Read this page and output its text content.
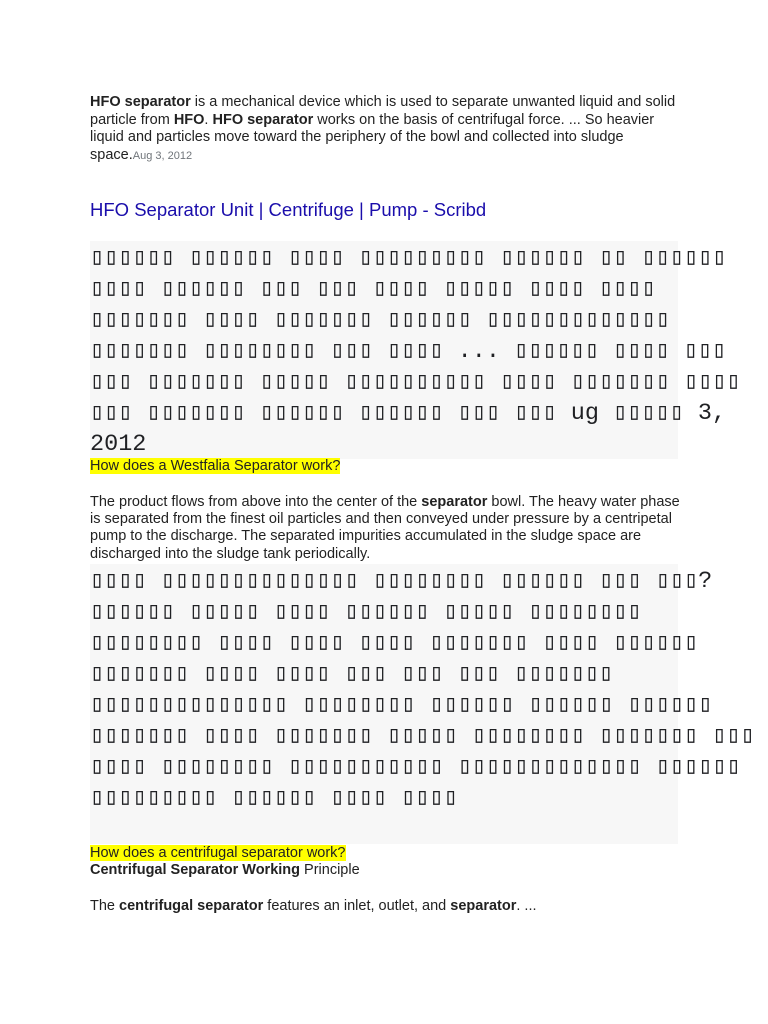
HFO separator is a mechanical device which is used to separate unwanted liquid and solid particle from HFO. HFO separator works on the basis of centrifugal force. ... So heavier liquid and particles move toward the periphery of the bowl and collected into sludge space.Aug 3, 2012
HFO Separator Unit | Centrifuge | Pump - Scribd
▯▯▯▯▯▯ ▯▯▯▯▯▯ ▯▯▯▯ ▯▯▯▯▯▯▯▯▯ ▯▯▯▯▯▯ ▯▯ ▯▯▯▯▯▯
▯▯▯▯ ▯▯▯▯▯▯ ▯▯▯ ▯▯▯ ▯▯▯▯ ▯▯▯▯▯ ▯▯▯▯ ▯▯▯▯
▯▯▯▯▯▯▯ ▯▯▯▯ ▯▯▯▯▯▯▯ ▯▯▯▯▯▯ ▯▯▯▯▯▯▯▯▯▯▯▯▯
▯▯▯▯▯▯▯ ▯▯▯▯▯▯▯▯ ▯▯▯ ▯▯▯▯ ... ▯▯▯▯▯▯ ▯▯▯▯ ▯▯▯
▯▯▯ ▯▯▯▯▯▯▯ ▯▯▯▯▯ ▯▯▯▯▯▯▯▯▯▯ ▯▯▯▯ ▯▯▯▯▯▯▯ ▯▯▯▯
▯▯▯ ▯▯▯▯▯▯▯ ▯▯▯▯▯▯ ▯▯▯▯▯▯ ▯▯▯ ▯▯▯ ug ▯▯▯▯▯ 3,
2012
How does a Westfalia Separator work?
The product flows from above into the center of the separator bowl. The heavy water phase is separated from the finest oil particles and then conveyed under pressure by a centripetal pump to the discharge. The separated impurities accumulated in the sludge space are discharged into the sludge tank periodically.
▯▯▯▯ ▯▯▯▯▯▯▯▯▯▯▯▯▯▯ ▯▯▯▯▯▯▯▯ ▯▯▯▯▯▯ ▯▯▯ ▯▯▯?
▯▯▯▯▯▯ ▯▯▯▯▯ ▯▯▯▯ ▯▯▯▯▯▯ ▯▯▯▯▯ ▯▯▯▯▯▯▯▯
▯▯▯▯▯▯▯▯ ▯▯▯▯ ▯▯▯▯ ▯▯▯▯ ▯▯▯▯▯▯▯ ▯▯▯▯ ▯▯▯▯▯▯
▯▯▯▯▯▯▯ ▯▯▯▯ ▯▯▯▯ ▯▯▯ ▯▯▯ ▯▯▯ ▯▯▯▯▯▯▯
▯▯▯▯▯▯▯▯▯▯▯▯▯▯ ▯▯▯▯▯▯▯▯ ▯▯▯▯▯▯ ▯▯▯▯▯▯ ▯▯▯▯▯▯
▯▯▯▯▯▯▯ ▯▯▯▯ ▯▯▯▯▯▯▯ ▯▯▯▯▯ ▯▯▯▯▯▯▯▯ ▯▯▯▯▯▯▯ ▯▯▯
▯▯▯▯ ▯▯▯▯▯▯▯▯ ▯▯▯▯▯▯▯▯▯▯▯ ▯▯▯▯▯▯▯▯▯▯▯▯▯ ▯▯▯▯▯▯
▯▯▯▯▯▯▯▯▯ ▯▯▯▯▯▯ ▯▯▯▯ ▯▯▯▯
How does a centrifugal separator work?
Centrifugal Separator Working Principle
The centrifugal separator features an inlet, outlet, and separator. ...
